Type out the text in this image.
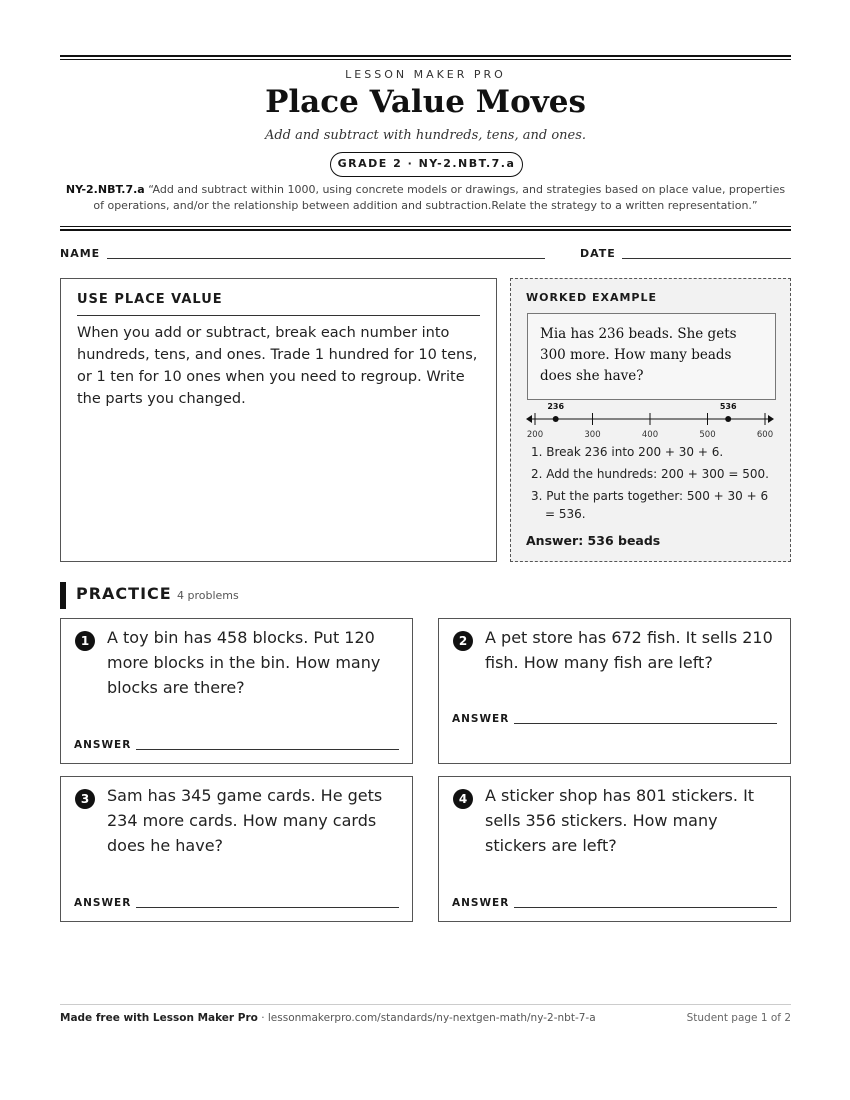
LESSON MAKER PRO
Place Value Moves
Add and subtract with hundreds, tens, and ones.
GRADE 2 · NY-2.NBT.7.a
NY-2.NBT.7.a “Add and subtract within 1000, using concrete models or drawings, and strategies based on place value, properties of operations, and/or the relationship between addition and subtraction.Relate the strategy to a written representation.”
NAME	DATE
USE PLACE VALUE
When you add or subtract, break each number into hundreds, tens, and ones. Trade 1 hundred for 10 tens, or 1 ten for 10 ones when you need to regroup. Write the parts you changed.
WORKED EXAMPLE
Mia has 236 beads. She gets 300 more. How many beads does she have?
200	300	400	500	600
236	536
1. Break 236 into 200 + 30 + 6.
2. Add the hundreds: 200 + 300 = 500.
3. Put the parts together: 500 + 30 + 6 = 536.
Answer: 536 beads
PRACTICE 4 problems
1	A toy bin has 458 blocks. Put 120 more blocks in the bin. How many blocks are there?
ANSWER
2	A pet store has 672 fish. It sells 210 fish. How many fish are left?
ANSWER
3	Sam has 345 game cards. He gets 234 more cards. How many cards does he have?
ANSWER
4	A sticker shop has 801 stickers. It sells 356 stickers. How many stickers are left?
ANSWER
Made free with Lesson Maker Pro · lessonmakerpro.com/standards/ny-nextgen-math/ny-2-nbt-7-a	Student page 1 of 2
